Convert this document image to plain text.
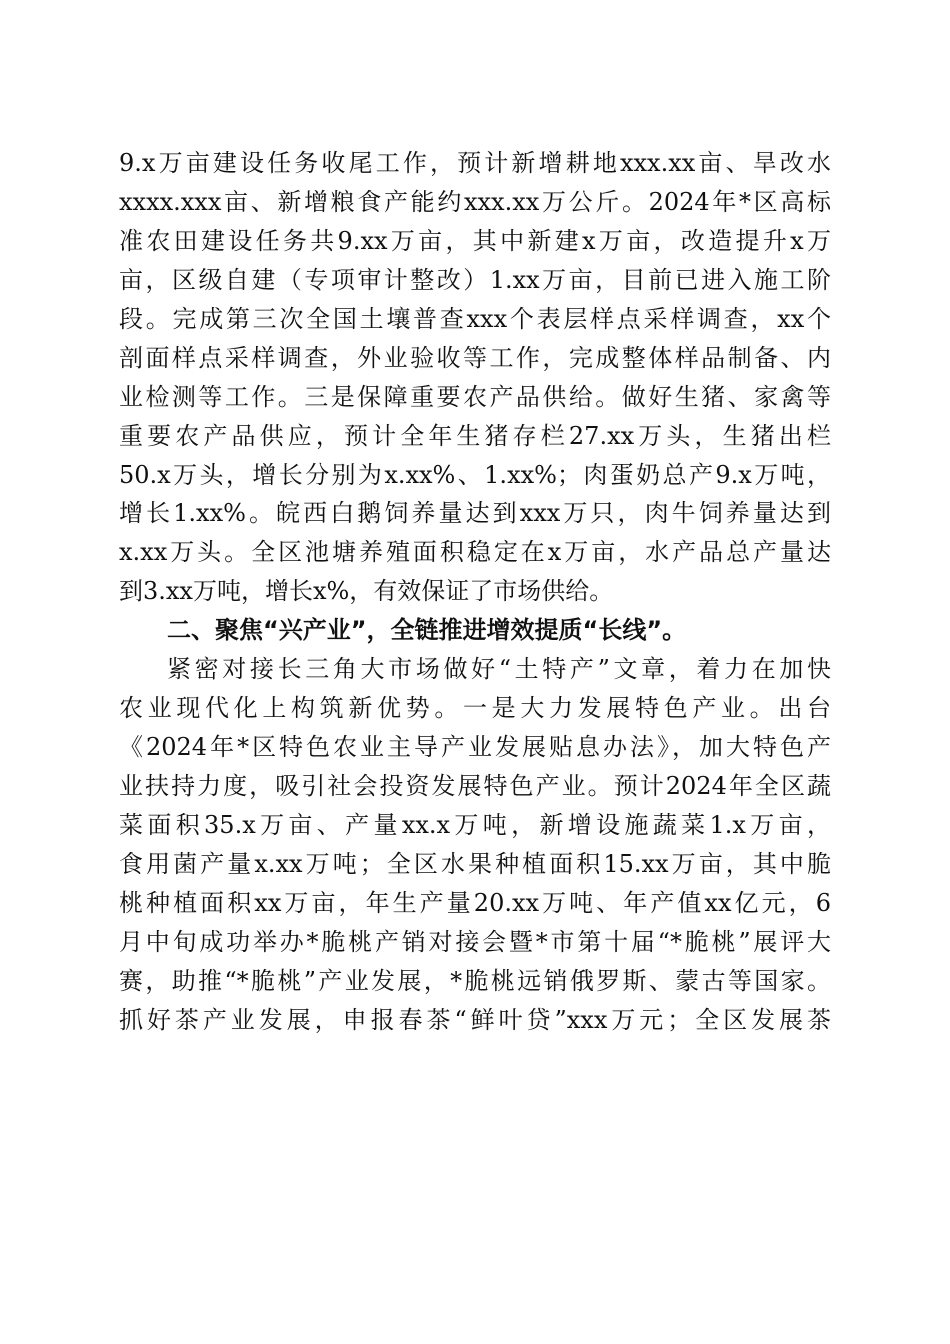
9.x万亩建设任务收尾工作，预计新增耕地xxx.xx亩、旱改水
xxxx.xxx亩、新增粮食产能约xxx.xx万公斤。2024年*区高标
准农田建设任务共9.xx万亩，其中新建x万亩，改造提升x万
亩，区级自建（专项审计整改）1.xx万亩，目前已进入施工阶
段。完成第三次全国土壤普查xxx个表层样点采样调查，xx个
剖面样点采样调查，外业验收等工作，完成整体样品制备、内
业检测等工作。三是保障重要农产品供给。做好生猪、家禽等
重要农产品供应，预计全年生猪存栏27.xx万头，生猪出栏
50.x万头，增长分别为x.xx%、1.xx%；肉蛋奶总产9.x万吨，
增长1.xx%。皖西白鹅饲养量达到xxx万只，肉牛饲养量达到
x.xx万头。全区池塘养殖面积稳定在x万亩，水产品总产量达
到3.xx万吨，增长x%，有效保证了市场供给。
二、聚焦“兴产业”，全链推进增效提质“长线”。
紧密对接长三角大市场做好“土特产”文章，着力在加快
农业现代化上构筑新优势。一是大力发展特色产业。出台
《2024年*区特色农业主导产业发展贴息办法》，加大特色产
业扶持力度，吸引社会投资发展特色产业。预计2024年全区蔬
菜面积35.x万亩、产量xx.x万吨，新增设施蔬菜1.x万亩，
食用菌产量x.xx万吨；全区水果种植面积15.xx万亩，其中脆
桃种植面积xx万亩，年生产量20.xx万吨、年产值xx亿元，6
月中旬成功举办*脆桃产销对接会暨*市第十届“*脆桃”展评大
赛，助推“*脆桃”产业发展，*脆桃远销俄罗斯、蒙古等国家。
抓好茶产业发展，申报春茶“鲜叶贷”xxx万元；全区发展茶
